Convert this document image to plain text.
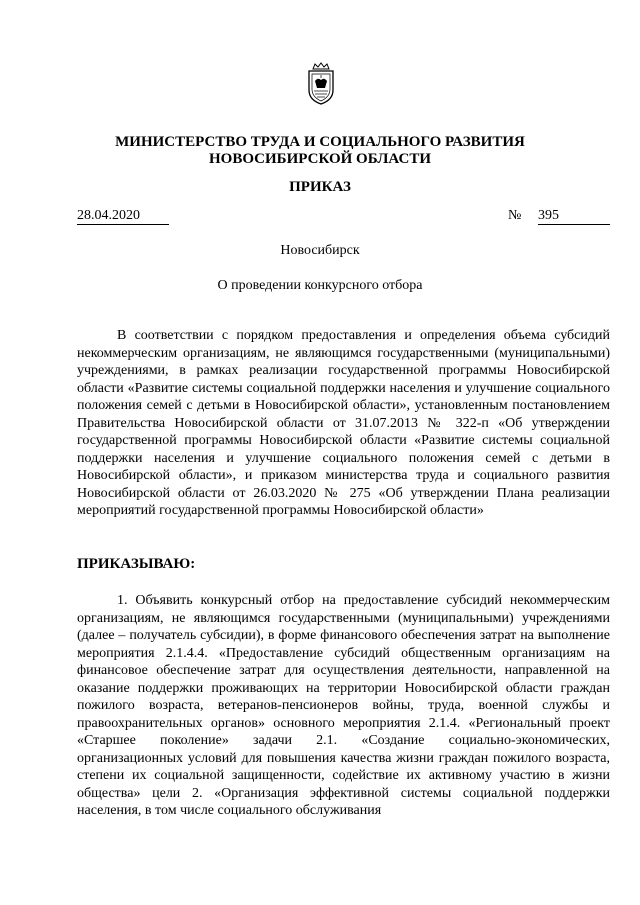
МИНИСТЕРСТВО ТРУДА И СОЦИАЛЬНОГО РАЗВИТИЯ
НОВОСИБИРСКОЙ ОБЛАСТИ
ПРИКАЗ
28.04.2020	№ 395
Новосибирск
О проведении конкурсного отбора
В соответствии с порядком предоставления и определения объема субсидий некоммерческим организациям, не являющимся государственными (муниципальными) учреждениями, в рамках реализации государственной программы Новосибирской области «Развитие системы социальной поддержки населения и улучшение социального положения семей с детьми в Новосибирской области», установленным постановлением Правительства Новосибирской области от 31.07.2013 № 322-п «Об утверждении государственной программы Новосибирской области «Развитие системы социальной поддержки населения и улучшение социального положения семей с детьми в Новосибирской области», и приказом министерства труда и социального развития Новосибирской области от 26.03.2020 № 275 «Об утверждении Плана реализации мероприятий государственной программы Новосибирской области»
ПРИКАЗЫВАЮ:
1. Объявить конкурсный отбор на предоставление субсидий некоммерческим организациям, не являющимся государственными (муниципальными) учреждениями (далее – получатель субсидии), в форме финансового обеспечения затрат на выполнение мероприятия 2.1.4.4. «Предоставление субсидий общественным организациям на финансовое обеспечение затрат для осуществления деятельности, направленной на оказание поддержки проживающих на территории Новосибирской области граждан пожилого возраста, ветеранов-пенсионеров войны, труда, военной службы и правоохранительных органов» основного мероприятия 2.1.4. «Региональный проект «Старшее поколение» задачи 2.1. «Создание социально-экономических, организационных условий для повышения качества жизни граждан пожилого возраста, степени их социальной защищенности, содействие их активному участию в жизни общества» цели 2. «Организация эффективной системы социальной поддержки населения, в том числе социального обслуживания
